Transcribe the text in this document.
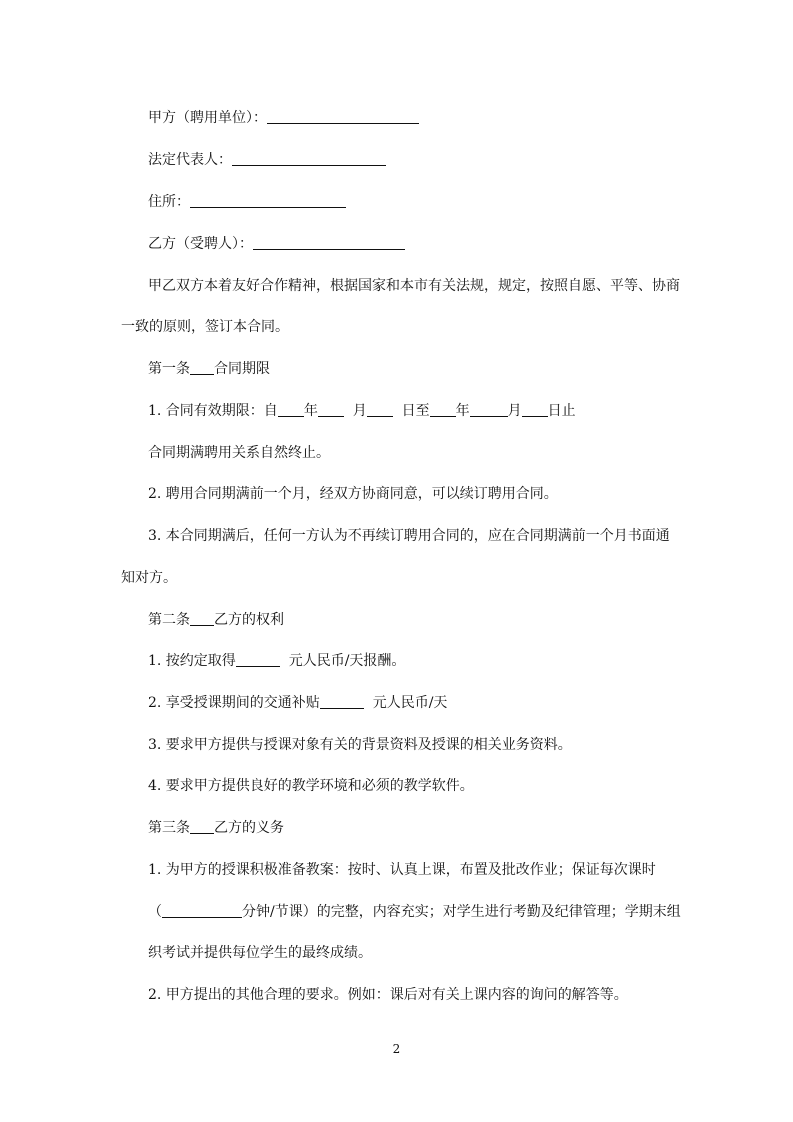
甲方（聘用单位）：
法定代表人：
住所：
乙方（受聘人）：
甲乙双方本着友好合作精神，根据国家和本市有关法规，规定，按照自愿、平等、协商
一致的原则，签订本合同。
第一条 合同期限
1. 合同有效期限：自 年 月 日至 年	月 日止
合同期满聘用关系自然终止。
2. 聘用合同期满前一个月，经双方协商同意，可以续订聘用合同。
3. 本合同期满后，任何一方认为不再续订聘用合同的，应在合同期满前一个月书面通
知对方。
第二条 乙方的权利
1. 按约定取得	元人民币/天报酬。
2. 享受授课期间的交通补贴	元人民币/天
3. 要求甲方提供与授课对象有关的背景资料及授课的相关业务资料。
4. 要求甲方提供良好的教学环境和必须的教学软件。
第三条 乙方的义务
1. 为甲方的授课积极准备教案：按时、认真上课，布置及批改作业；保证每次课时
（	分钟/节课）的完整，内容充实；对学生进行考勤及纪律管理；学期末组
织考试并提供每位学生的最终成绩。
2. 甲方提出的其他合理的要求。例如：课后对有关上课内容的询问的解答等。
2
